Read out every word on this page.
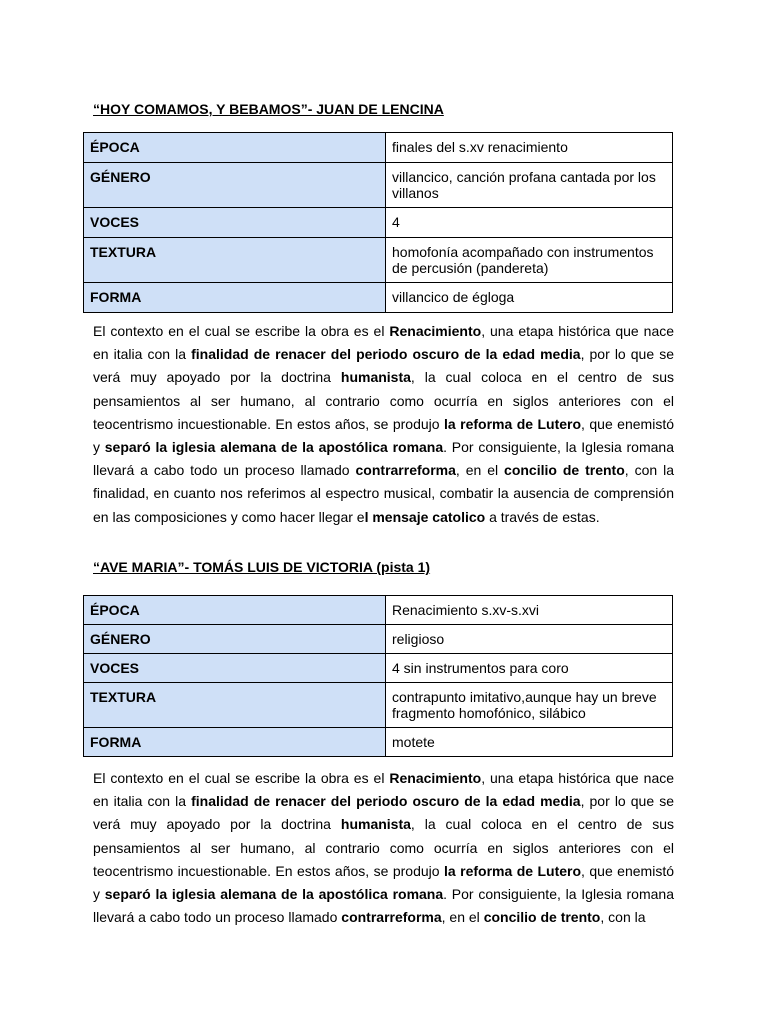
“HOY COMAMOS, Y BEBAMOS”- JUAN DE LENCINA
ÉPOCA	finales del s.xv renacimiento
GÉNERO	villancico, canción profana cantada por los villanos
VOCES	4
TEXTURA	homofonía acompañado con instrumentos de percusión (pandereta)
FORMA	villancico de égloga

El contexto en el cual se escribe la obra es el Renacimiento, una etapa histórica que nace en italia con la finalidad de renacer del periodo oscuro de la edad media, por lo que se verá muy apoyado por la doctrina humanista, la cual coloca en el centro de sus pensamientos al ser humano, al contrario como ocurría en siglos anteriores con el teocentrismo incuestionable. En estos años, se produjo la reforma de Lutero, que enemistó y separó la iglesia alemana de la apostólica romana. Por consiguiente, la Iglesia romana llevará a cabo todo un proceso llamado contrarreforma, en el concilio de trento, con la finalidad, en cuanto nos referimos al espectro musical, combatir la ausencia de comprensión en las composiciones y como hacer llegar el mensaje catolico a través de estas.

“AVE MARIA”- TOMÁS LUIS DE VICTORIA (pista 1)
ÉPOCA	Renacimiento s.xv-s.xvi
GÉNERO	religioso
VOCES	4 sin instrumentos para coro
TEXTURA	contrapunto imitativo,aunque hay un breve fragmento homofónico, silábico
FORMA	motete

El contexto en el cual se escribe la obra es el Renacimiento, una etapa histórica que nace en italia con la finalidad de renacer del periodo oscuro de la edad media, por lo que se verá muy apoyado por la doctrina humanista, la cual coloca en el centro de sus pensamientos al ser humano, al contrario como ocurría en siglos anteriores con el teocentrismo incuestionable. En estos años, se produjo la reforma de Lutero, que enemistó y separó la iglesia alemana de la apostólica romana. Por consiguiente, la Iglesia romana llevará a cabo todo un proceso llamado contrarreforma, en el concilio de trento, con la
